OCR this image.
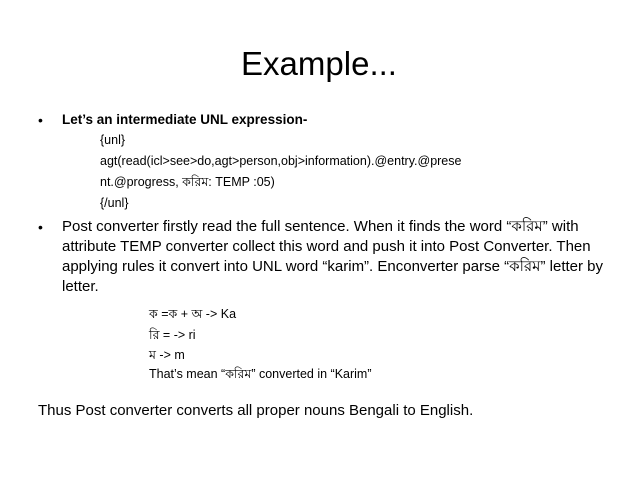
Example...
• Let’s an intermediate UNL expression-
{unl}
agt(read(icl>see>do,agt>person,obj>information).@entry.@prese
nt.@progress, করিম: TEMP :05)
{/unl}
• Post converter firstly read the full sentence. When it finds the word “করিম” with attribute TEMP converter collect this word and push it into Post Converter. Then applying rules it convert into UNL word “karim”. Enconverter parse “করিম” letter by letter.
ক =ক + অ -> Ka
রি = -> ri
ম -> m
That’s mean “করিম” converted in “Karim”
Thus Post converter converts all proper nouns Bengali to English.
